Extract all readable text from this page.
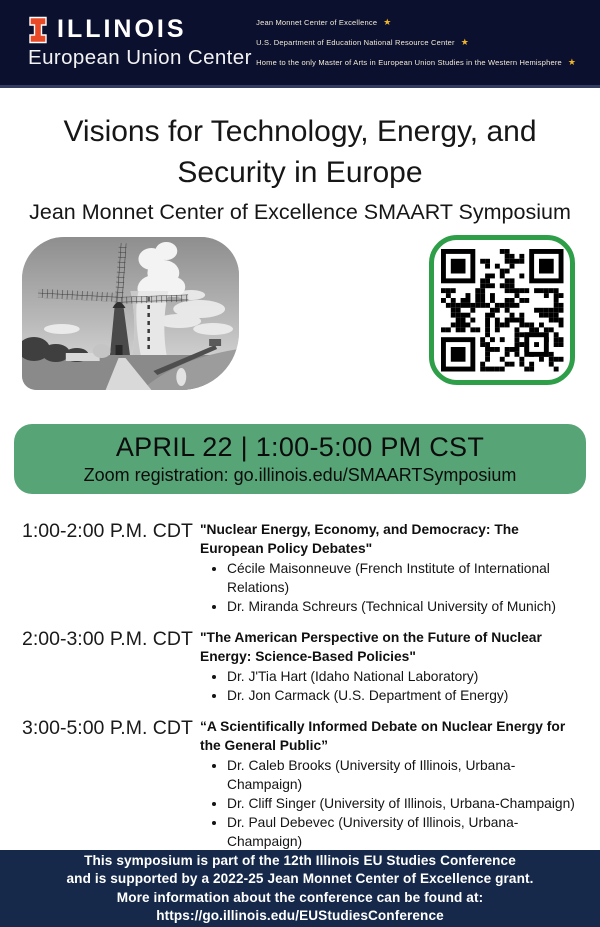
ILLINOIS
European Union Center
Jean Monnet Center of Excellence ★
U.S. Department of Education National Resource Center ★
Home to the only Master of Arts in European Union Studies in the Western Hemisphere ★
Visions for Technology, Energy, and
Security in Europe
Jean Monnet Center of Excellence SMAART Symposium
APRIL 22 | 1:00-5:00 PM CST
Zoom registration: go.illinois.edu/SMAARTSymposium
1:00-2:00 P.M. CDT "Nuclear Energy, Economy, and Democracy: The European Policy Debates"
• Cécile Maisonneuve (French Institute of International Relations)
• Dr. Miranda Schreurs (Technical University of Munich)
2:00-3:00 P.M. CDT "The American Perspective on the Future of Nuclear Energy: Science-Based Policies"
• Dr. J'Tia Hart (Idaho National Laboratory)
• Dr. Jon Carmack (U.S. Department of Energy)
3:00-5:00 P.M. CDT “A Scientifically Informed Debate on Nuclear Energy for the General Public”
• Dr. Caleb Brooks (University of Illinois, Urbana-Champaign)
• Dr. Cliff Singer (University of Illinois, Urbana-Champaign)
• Dr. Paul Debevec (University of Illinois, Urbana-Champaign)
This symposium is part of the 12th Illinois EU Studies Conference
and is supported by a 2022-25 Jean Monnet Center of Excellence grant.
More information about the conference can be found at:
https://go.illinois.edu/EUStudiesConference
